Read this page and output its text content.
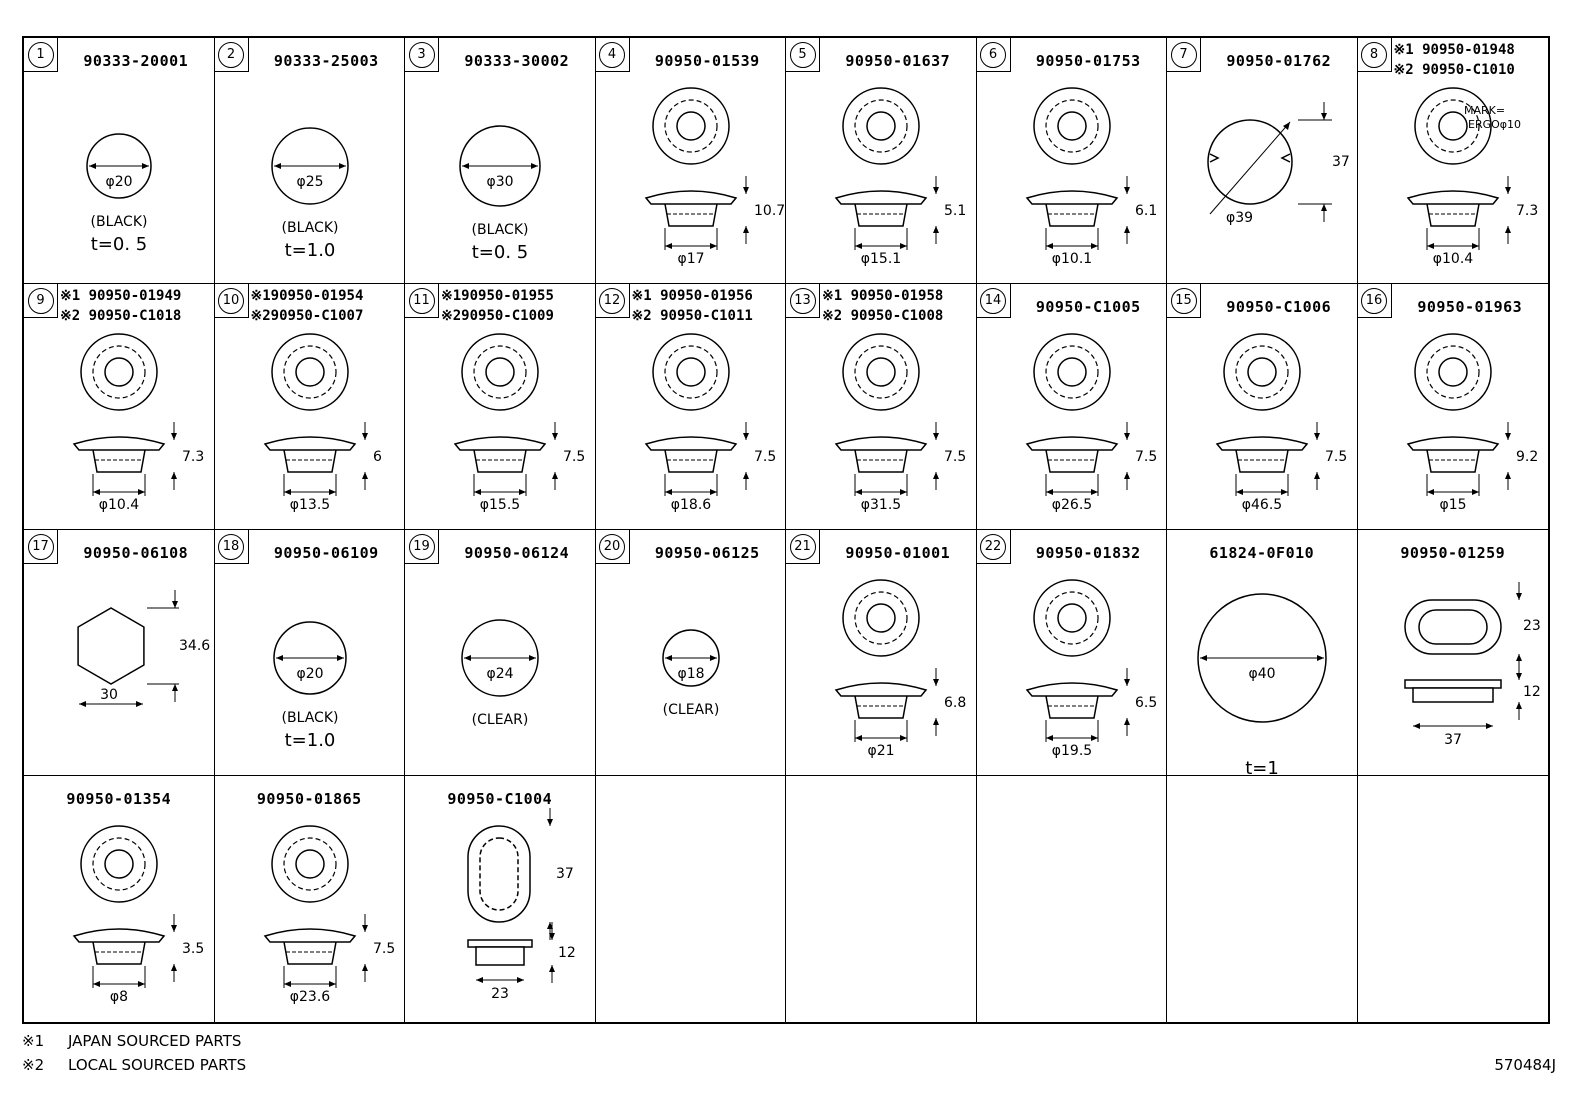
1	90333-20001
φ20
(BLACK)
t=0. 5
2	90333-25003
φ25
(BLACK)
t=1.0
3	90333-30002
φ30
(BLACK)
t=0. 5
4	90950-01539
10.7
φ17
5	90950-01637
5.1
φ15.1
6	90950-01753
6.1
φ10.1
7	90950-01762
37
φ39
8	※1 90950-01948
※2 90950-C1010
7.3
φ10.4
MARK=
ERGOφ10
9	※1 90950-01949
※2 90950-C1018
7.3
φ10.4
10 ※190950-01954
※290950-C1007
6
φ13.5
11 ※190950-01955
※290950-C1009
7.5
φ15.5
12 ※1 90950-01956
※2 90950-C1011
7.5
φ18.6
13 ※1 90950-01958
※2 90950-C1008
7.5
φ31.5
14	90950-C1005
7.5
φ26.5
15	90950-C1006
7.5
φ46.5
16	90950-01963
9.2
φ15
17	90950-06108
34.6
30
18	90950-06109
φ20
(BLACK)
t=1.0
19	90950-06124
φ24
(CLEAR)
20	90950-06125
φ18
(CLEAR)
21	90950-01001
6.8
φ21
22	90950-01832
6.5
φ19.5
61824-0F010
φ40
t=1
90950-01259
23
12
37
90950-01354
3.5
φ8
90950-01865
7.5
φ23.6
90950-C1004
37
12
23
※1 JAPAN SOURCED PARTS
※2 LOCAL SOURCED PARTS	570484J
